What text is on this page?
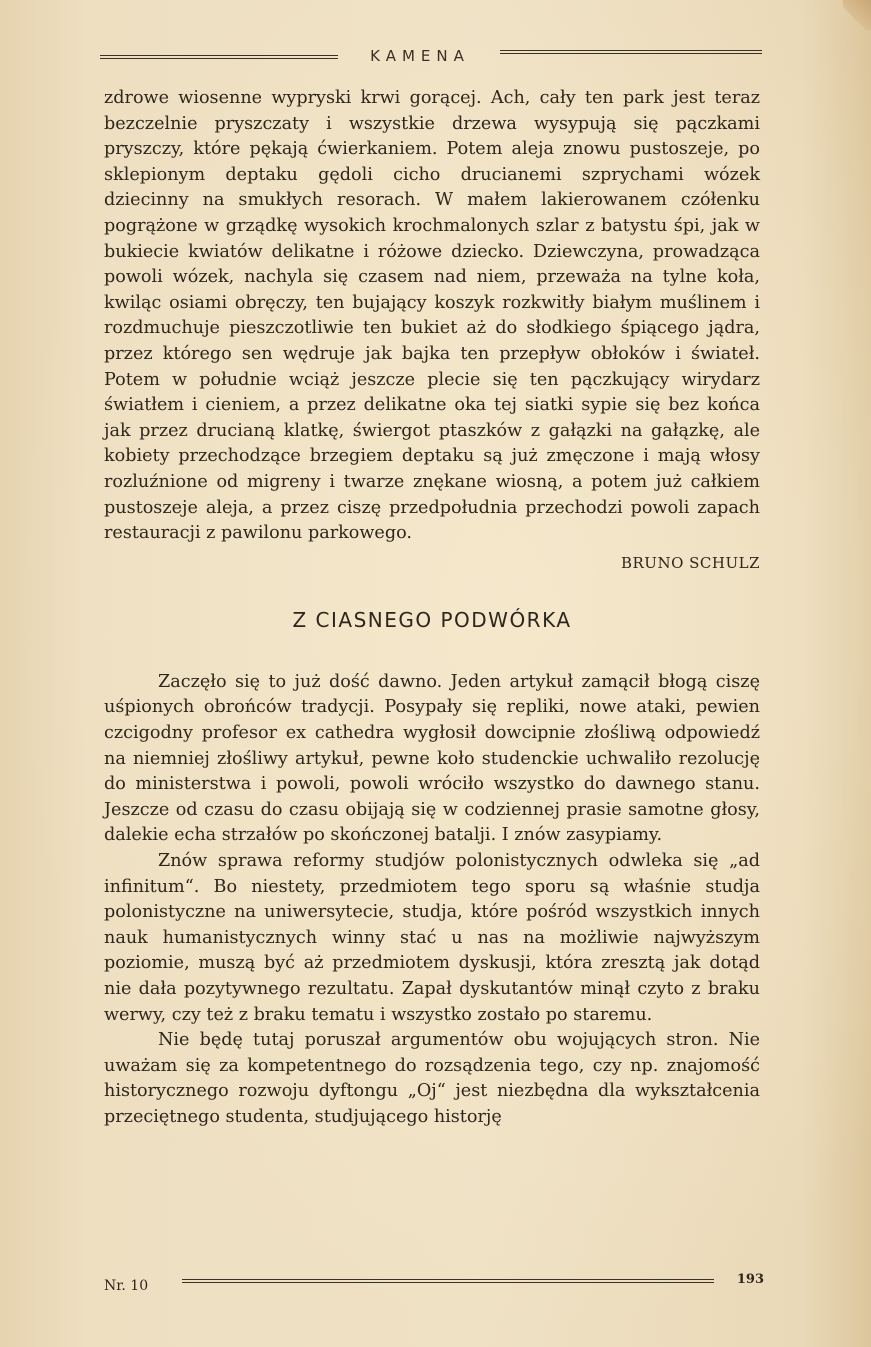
KAMENA

zdrowe wiosenne wypryski krwi gorącej. Ach, cały ten park jest teraz bezczelnie pryszczaty i wszystkie drzewa wysypują się pączkami pryszczy, które pękają ćwierkaniem. Potem aleja znowu pustoszeje, po sklepionym deptaku gędoli cicho drucianemi szprychami wózek dziecinny na smukłych resorach. W małem lakierowanem czółenku pogrążone w grządkę wysokich krochmalonych szlar z batystu śpi, jak w bukiecie kwiatów delikatne i różowe dziecko. Dziewczyna, prowadząca powoli wózek, nachyla się czasem nad niem, przeważa na tylne koła, kwiląc osiami obręczy, ten bujający koszyk rozkwitły białym muślinem i rozdmuchuje pieszczotliwie ten bukiet aż do słodkiego śpiącego jądra, przez którego sen wędruje jak bajka ten przepływ obłoków i świateł. Potem w południe wciąż jeszcze plecie się ten pączkujący wirydarz światłem i cieniem, a przez delikatne oka tej siatki sypie się bez końca jak przez drucianą klatkę, świergot ptaszków z gałązki na gałązkę, ale kobiety przechodzące brzegiem deptaku są już zmęczone i mają włosy rozluźnione od migreny i twarze znękane wiosną, a potem już całkiem pustoszeje aleja, a przez ciszę przedpołudnia przechodzi powoli zapach restauracji z pawilonu parkowego.

BRUNO SCHULZ
Z CIASNEGO PODWÓRKA

Zaczęło się to już dość dawno. Jeden artykuł zamącił błogą ciszę uśpionych obrońców tradycji. Posypały się repliki, nowe ataki, pewien czcigodny profesor ex cathedra wygłosił dowcipnie złośliwą odpowiedź na niemniej złośliwy artykuł, pewne koło studenckie uchwaliło rezolucję do ministerstwa i powoli, powoli wróciło wszystko do dawnego stanu. Jeszcze od czasu do czasu obijają się w codziennej prasie samotne głosy, dalekie echa strzałów po skończonej batalji. I znów zasypiamy.

Znów sprawa reformy studjów polonistycznych odwleka się „ad infinitum“. Bo niestety, przedmiotem tego sporu są właśnie studja polonistyczne na uniwersytecie, studja, które pośród wszystkich innych nauk humanistycznych winny stać u nas na możliwie najwyższym poziomie, muszą być aż przedmiotem dyskusji, która zresztą jak dotąd nie dała pozytywnego rezultatu. Zapał dyskutantów minął czyto z braku werwy, czy też z braku tematu i wszystko zostało po staremu.

Nie będę tutaj poruszał argumentów obu wojujących stron. Nie uważam się za kompetentnego do rozsądzenia tego, czy np. znajomość historycznego rozwoju dyftongu „Oj“ jest niezbędna dla wykształcenia przeciętnego studenta, studjującego historję

Nr. 10	193
